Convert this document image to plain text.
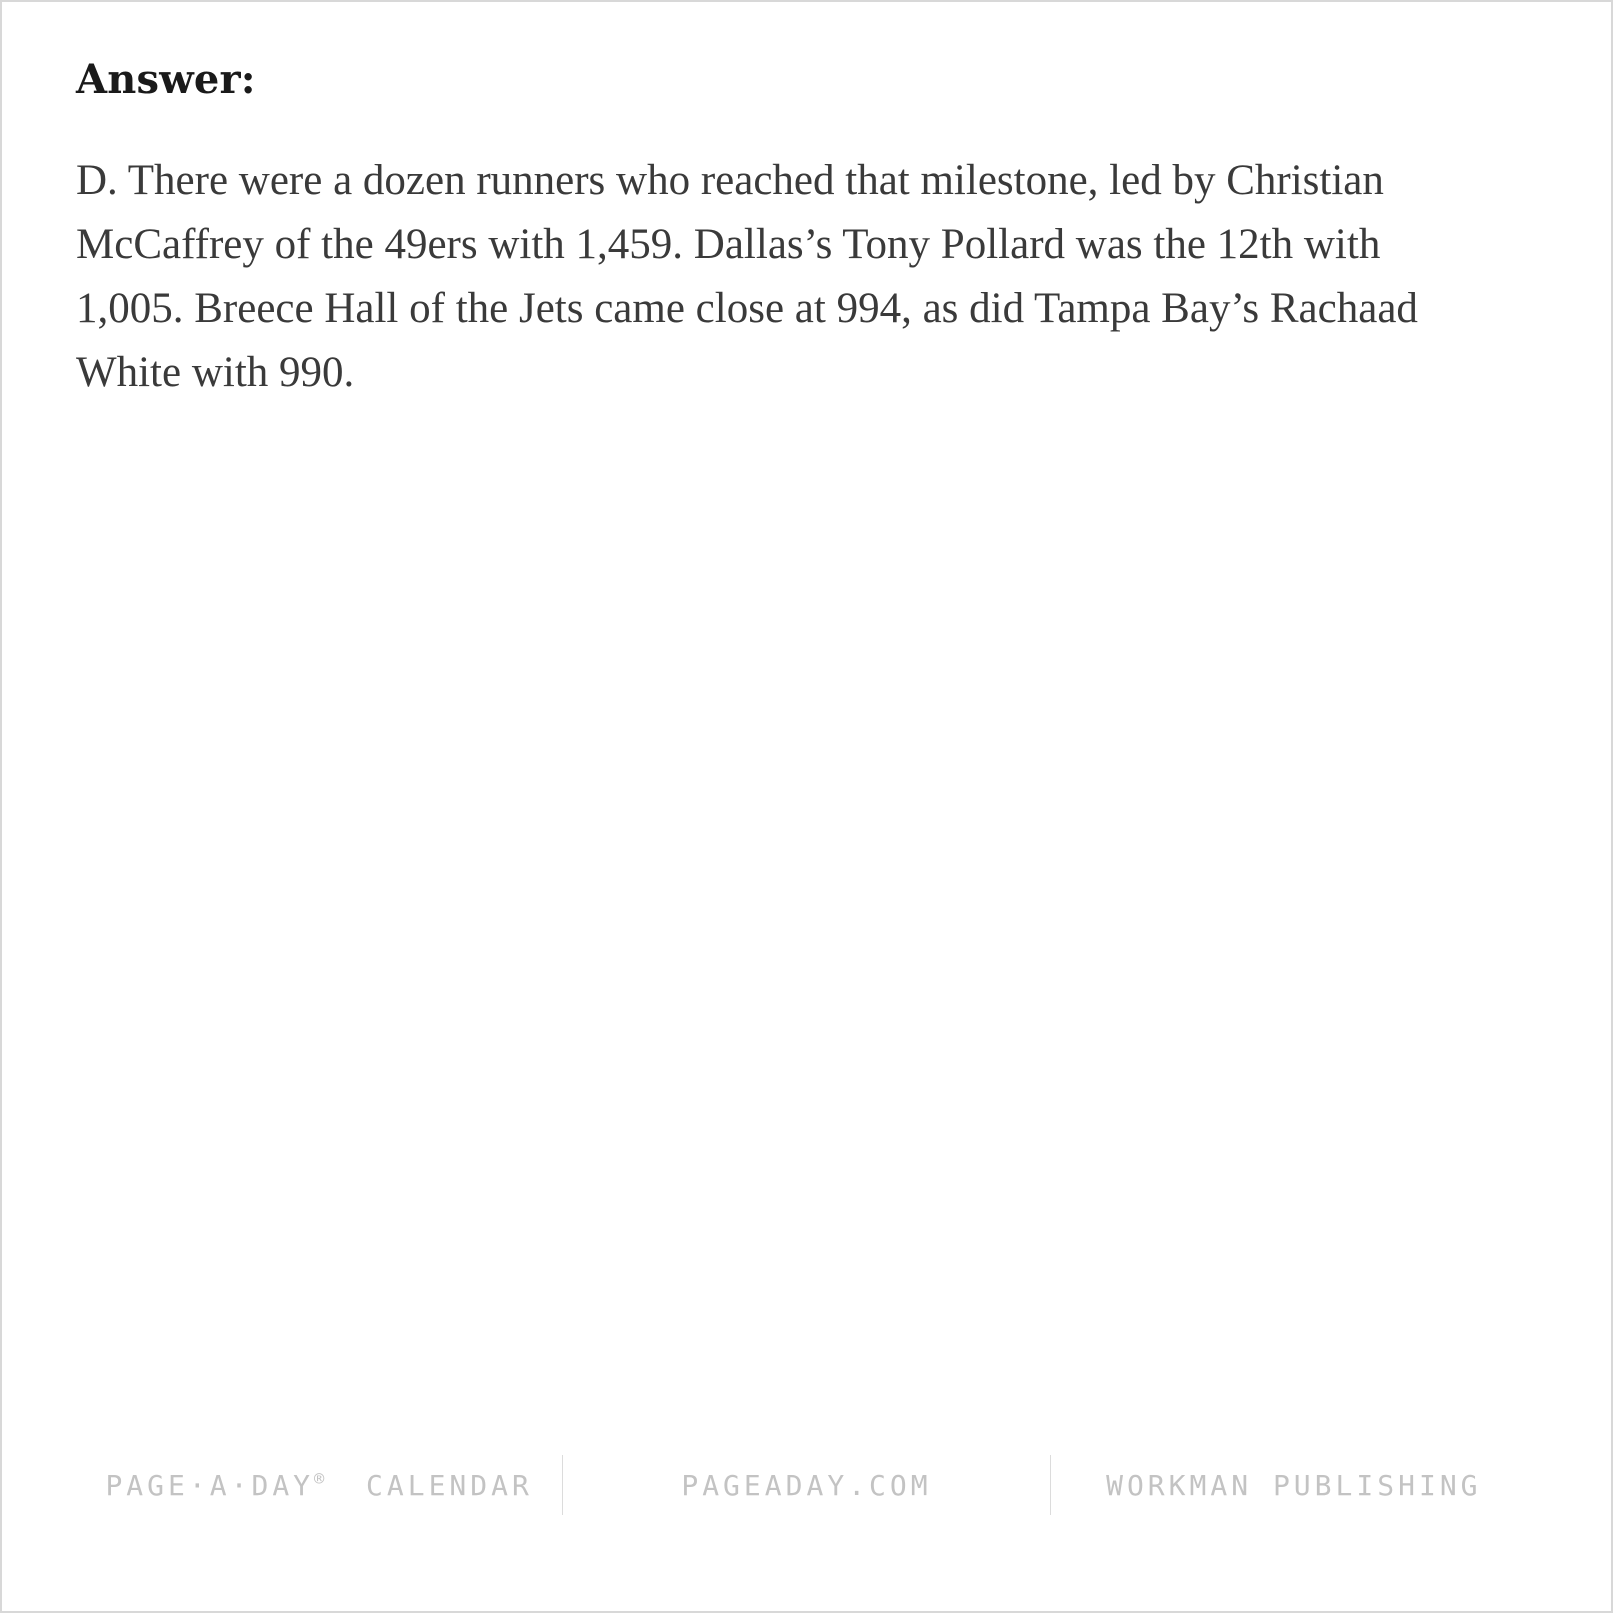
Answer:

D. There were a dozen runners who reached that milestone, led by Christian McCaffrey of the 49ers with 1,459. Dallas’s Tony Pollard was the 12th with 1,005. Breece Hall of the Jets came close at 994, as did Tampa Bay’s Rachaad White with 990.

PAGE·A·DAY® CALENDAR	PAGEADAY.COM	WORKMAN PUBLISHING
